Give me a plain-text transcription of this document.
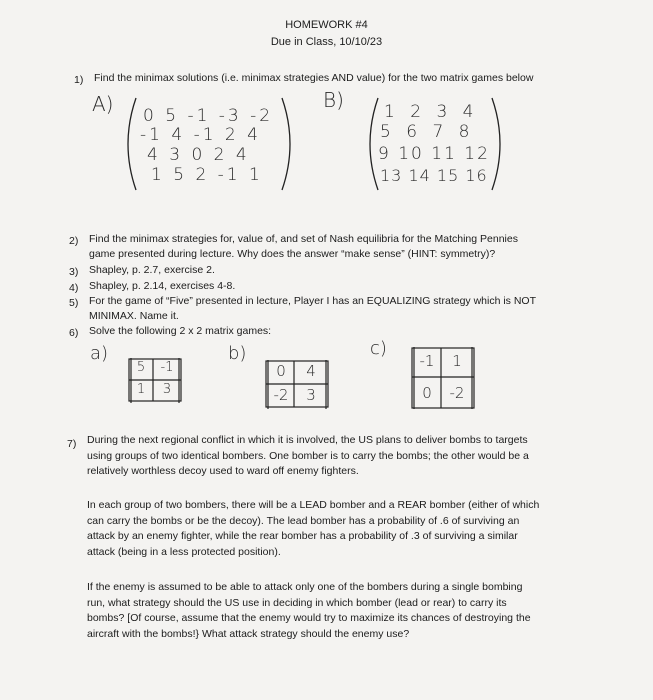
HOMEWORK #4
Due in Class, 10/10/23
1) Find the minimax solutions (i.e. minimax strategies AND value) for the two matrix games below
A) 0 5 -1 -3 -2
-1 4 -1 2 4
4 3 0 2 4
1 5 2 -1 1
B) 1 2 3 4
5 6 7 8
9 10 11 12
13 14 15 16
2) Find the minimax strategies for, value of, and set of Nash equilibria for the Matching Pennies
game presented during lecture. Why does the answer “make sense” (HINT: symmetry)?
3) Shapley, p. 2.7, exercise 2.
4) Shapley, p. 2.14, exercises 4-8.
5) For the game of “Five” presented in lecture, Player I has an EQUALIZING strategy which is NOT
MINIMAX. Name it.
6) Solve the following 2 x 2 matrix games:
a)
5	-1
1	3
b)
0	4
-2	3
c)
-1	1
0	-2
7) During the next regional conflict in which it is involved, the US plans to deliver bombs to targets
using groups of two identical bombers. One bomber is to carry the bombs; the other would be a
relatively worthless decoy used to ward off enemy fighters.
In each group of two bombers, there will be a LEAD bomber and a REAR bomber (either of which
can carry the bombs or be the decoy). The lead bomber has a probability of .6 of surviving an
attack by an enemy fighter, while the rear bomber has a probability of .3 of surviving a similar
attack (being in a less protected position).
If the enemy is assumed to be able to attack only one of the bombers during a single bombing
run, what strategy should the US use in deciding in which bomber (lead or rear) to carry its
bombs? [Of course, assume that the enemy would try to maximize its chances of destroying the
aircraft with the bombs!} What attack strategy should the enemy use?
